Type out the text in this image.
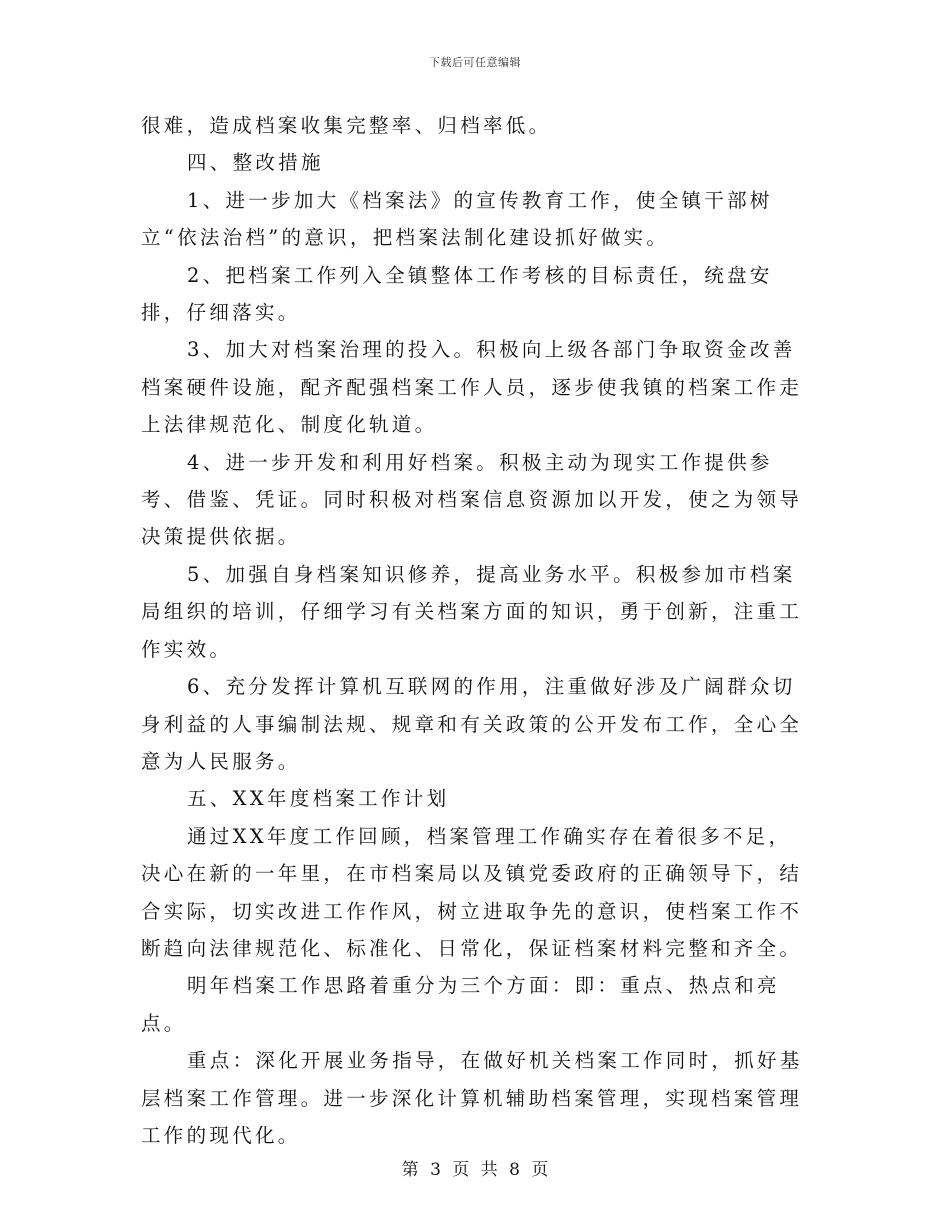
下载后可任意编辑

很难，造成档案收集完整率、归档率低。

四、整改措施

1、进一步加大《档案法》的宣传教育工作，使全镇干部树立“依法治档”的意识，把档案法制化建设抓好做实。

2、把档案工作列入全镇整体工作考核的目标责任，统盘安排，仔细落实。

3、加大对档案治理的投入。积极向上级各部门争取资金改善档案硬件设施，配齐配强档案工作人员，逐步使我镇的档案工作走上法律规范化、制度化轨道。

4、进一步开发和利用好档案。积极主动为现实工作提供参考、借鉴、凭证。同时积极对档案信息资源加以开发，使之为领导决策提供依据。

5、加强自身档案知识修养，提高业务水平。积极参加市档案局组织的培训，仔细学习有关档案方面的知识，勇于创新，注重工作实效。

6、充分发挥计算机互联网的作用，注重做好涉及广阔群众切身利益的人事编制法规、规章和有关政策的公开发布工作，全心全意为人民服务。

五、XX年度档案工作计划

通过XX年度工作回顾，档案管理工作确实存在着很多不足，决心在新的一年里，在市档案局以及镇党委政府的正确领导下，结合实际，切实改进工作作风，树立进取争先的意识，使档案工作不断趋向法律规范化、标准化、日常化，保证档案材料完整和齐全。

明年档案工作思路着重分为三个方面：即：重点、热点和亮点。

重点：深化开展业务指导，在做好机关档案工作同时，抓好基层档案工作管理。进一步深化计算机辅助档案管理，实现档案管理工作的现代化。

第 3 页 共 8 页
